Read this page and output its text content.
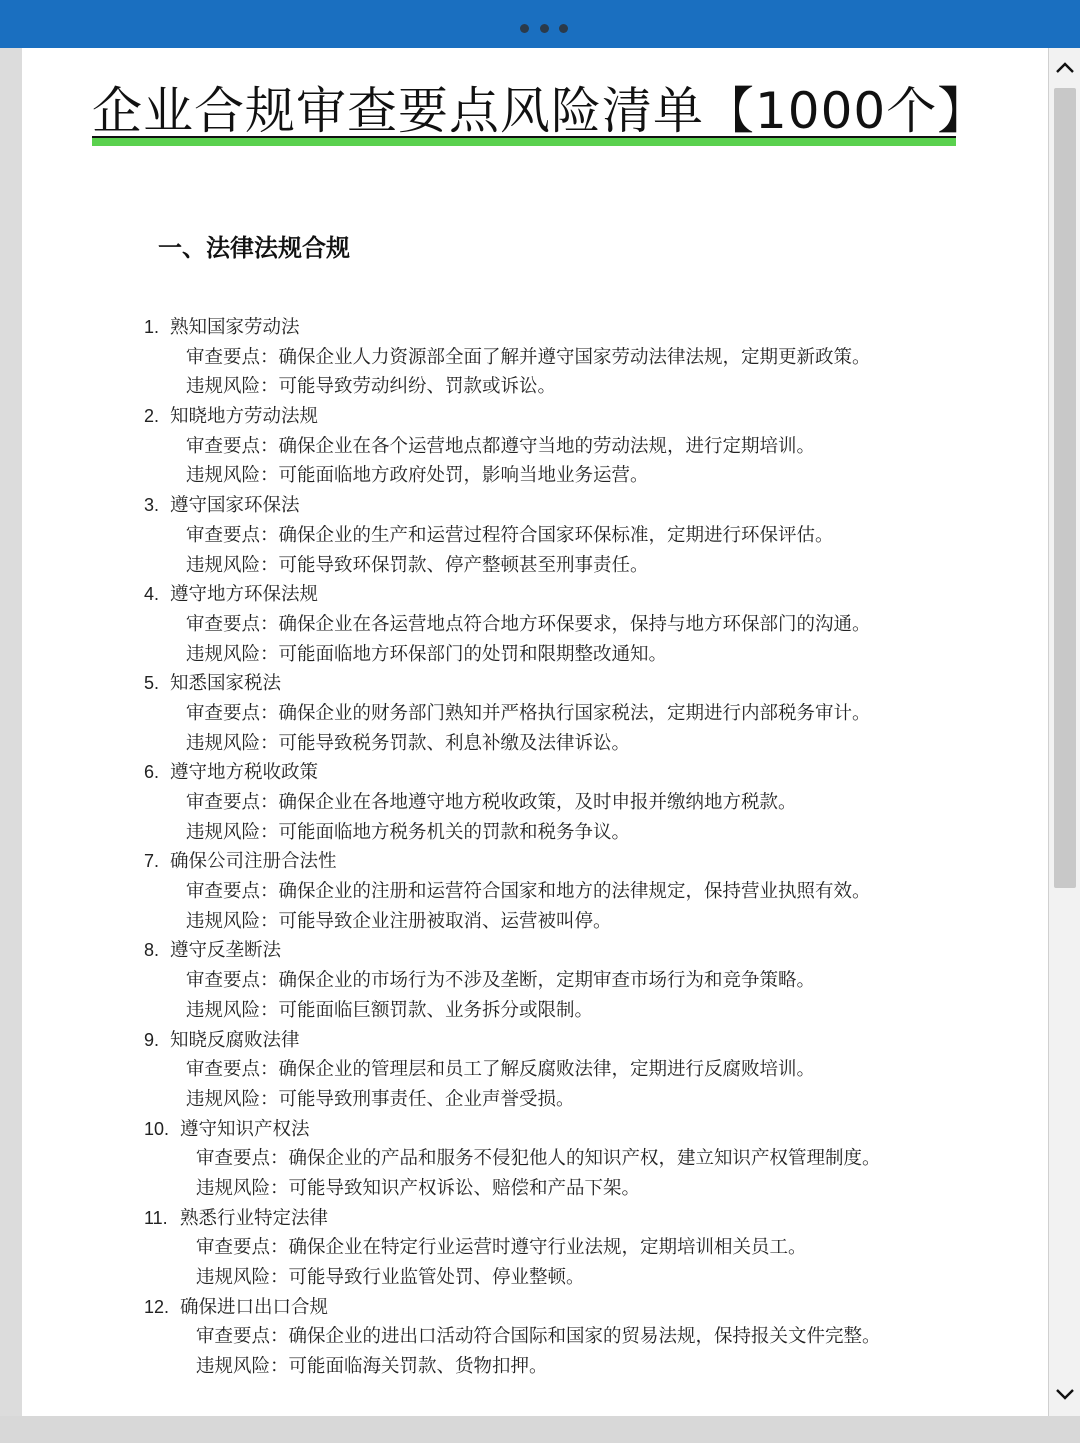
企业合规审查要点风险清单【1000个】
一、法律法规合规
1. 熟知国家劳动法
审查要点：确保企业人力资源部全面了解并遵守国家劳动法律法规，定期更新政策。
违规风险：可能导致劳动纠纷、罚款或诉讼。
2. 知晓地方劳动法规
审查要点：确保企业在各个运营地点都遵守当地的劳动法规，进行定期培训。
违规风险：可能面临地方政府处罚，影响当地业务运营。
3. 遵守国家环保法
审查要点：确保企业的生产和运营过程符合国家环保标准，定期进行环保评估。
违规风险：可能导致环保罚款、停产整顿甚至刑事责任。
4. 遵守地方环保法规
审查要点：确保企业在各运营地点符合地方环保要求，保持与地方环保部门的沟通。
违规风险：可能面临地方环保部门的处罚和限期整改通知。
5. 知悉国家税法
审查要点：确保企业的财务部门熟知并严格执行国家税法，定期进行内部税务审计。
违规风险：可能导致税务罚款、利息补缴及法律诉讼。
6. 遵守地方税收政策
审查要点：确保企业在各地遵守地方税收政策，及时申报并缴纳地方税款。
违规风险：可能面临地方税务机关的罚款和税务争议。
7. 确保公司注册合法性
审查要点：确保企业的注册和运营符合国家和地方的法律规定，保持营业执照有效。
违规风险：可能导致企业注册被取消、运营被叫停。
8. 遵守反垄断法
审查要点：确保企业的市场行为不涉及垄断，定期审查市场行为和竞争策略。
违规风险：可能面临巨额罚款、业务拆分或限制。
9. 知晓反腐败法律
审查要点：确保企业的管理层和员工了解反腐败法律，定期进行反腐败培训。
违规风险：可能导致刑事责任、企业声誉受损。
10. 遵守知识产权法
审查要点：确保企业的产品和服务不侵犯他人的知识产权，建立知识产权管理制度。
违规风险：可能导致知识产权诉讼、赔偿和产品下架。
11. 熟悉行业特定法律
审查要点：确保企业在特定行业运营时遵守行业法规，定期培训相关员工。
违规风险：可能导致行业监管处罚、停业整顿。
12. 确保进口出口合规
审查要点：确保企业的进出口活动符合国际和国家的贸易法规，保持报关文件完整。
违规风险：可能面临海关罚款、货物扣押。
